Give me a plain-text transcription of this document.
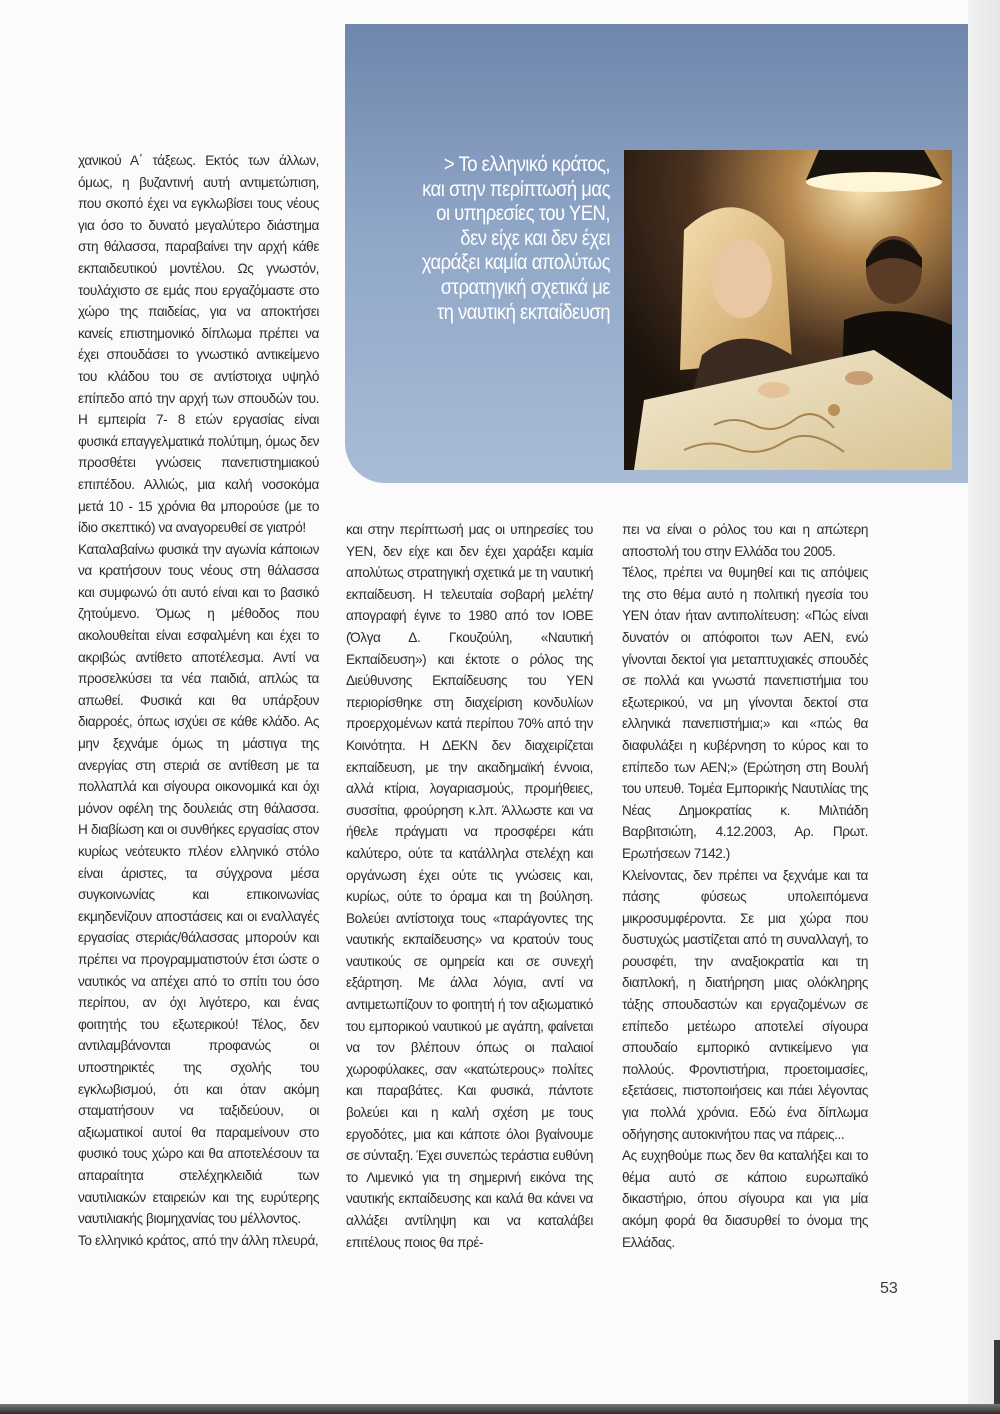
> Το ελληνικό κράτος,
και στην περίπτωσή μας
οι υπηρεσίες του ΥΕΝ,
δεν είχε και δεν έχει
χαράξει καμία απολύτως
στρατηγική σχετικά με
τη ναυτική εκπαίδευση

χανικού Α΄ τάξεως. Εκτός των άλλων, όμως, η βυζαντινή αυτή αντιμετώπιση, που σκοπό έχει να εγκλωβίσει τους νέους για όσο το δυνατό μεγαλύτερο διάστημα στη θάλασσα, παραβαίνει την αρχή κάθε εκπαιδευτικού μοντέλου. Ως γνωστόν, τουλάχιστο σε εμάς που εργαζόμαστε στο χώρο της παιδείας, για να αποκτήσει κανείς επιστημονικό δίπλωμα πρέπει να έχει σπουδάσει το γνωστικό αντικείμενο του κλάδου του σε αντίστοιχα υψηλό επίπεδο από την αρχή των σπουδών του. Η εμπειρία 7- 8 ετών εργασίας είναι φυσικά επαγγελματικά πολύτιμη, όμως δεν προσθέτει γνώσεις πανεπιστημιακού επιπέδου. Αλλιώς, μια καλή νοσοκόμα μετά 10 - 15 χρόνια θα μπορούσε (με το ίδιο σκεπτικό) να αναγορευθεί σε γιατρό!

Καταλαβαίνω φυσικά την αγωνία κάποιων να κρατήσουν τους νέους στη θάλασσα και συμφωνώ ότι αυτό είναι και το βασικό ζητούμενο. Όμως η μέθοδος που ακολουθείται είναι εσφαλμένη και έχει το ακριβώς αντίθετο αποτέλεσμα. Αντί να προσελκύσει τα νέα παιδιά, απλώς τα απωθεί. Φυσικά και θα υπάρξουν διαρροές, όπως ισχύει σε κάθε κλάδο. Ας μην ξεχνάμε όμως τη μάστιγα της ανεργίας στη στεριά σε αντίθεση με τα πολλαπλά και σίγουρα οικονομικά και όχι μόνον οφέλη της δουλειάς στη θάλασσα. Η διαβίωση και οι συνθήκες εργασίας στον κυρίως νεότευκτο πλέον ελληνικό στόλο είναι άριστες, τα σύγχρονα μέσα συγκοινωνίας και επικοινωνίας εκμηδενίζουν αποστάσεις και οι εναλλαγές εργασίας στεριάς/θάλασσας μπορούν και πρέπει να προγραμματιστούν έτσι ώστε ο ναυτικός να απέχει από το σπίτι του όσο περίπου, αν όχι λιγότερο, και ένας φοιτητής του εξωτερικού! Τέλος, δεν αντιλαμβάνονται προφανώς οι υποστηρικτές της σχολής του εγκλωβισμού, ότι και όταν ακόμη σταματήσουν να ταξιδεύουν, οι αξιωματικοί αυτοί θα παραμείνουν στο φυσικό τους χώρο και θα αποτελέσουν τα απαραίτητα στελέχηκλειδιά των ναυτιλιακών εταιρειών και της ευρύτερης ναυτιλιακής βιομηχανίας του μέλλοντος.

Το ελληνικό κράτος, από την άλλη πλευρά,

και στην περίπτωσή μας οι υπηρεσίες του ΥΕΝ, δεν είχε και δεν έχει χαράξει καμία απολύτως στρατηγική σχετικά με τη ναυτική εκπαίδευση. Η τελευταία σοβαρή μελέτη/απογραφή έγινε το 1980 από τον ΙΟΒΕ (Όλγα Δ. Γκουζούλη, «Ναυτική Εκπαίδευση») και έκτοτε ο ρόλος της Διεύθυνσης Εκπαίδευσης του ΥΕΝ περιορίσθηκε στη διαχείριση κονδυλίων προερχομένων κατά περίπου 70% από την Κοινότητα. Η ΔΕΚΝ δεν διαχειρίζεται εκπαίδευση, με την ακαδημαϊκή έννοια, αλλά κτίρια, λογαριασμούς, προμήθειες, συσσίτια, φρούρηση κ.λπ. Άλλωστε και να ήθελε πράγματι να προσφέρει κάτι καλύτερο, ούτε τα κατάλληλα στελέχη και οργάνωση έχει ούτε τις γνώσεις και, κυρίως, ούτε το όραμα και τη βούληση. Βολεύει αντίστοιχα τους «παράγοντες της ναυτικής εκπαίδευσης» να κρατούν τους ναυτικούς σε ομηρεία και σε συνεχή εξάρτηση. Με άλλα λόγια, αντί να αντιμετωπίζουν το φοιτητή ή τον αξιωματικό του εμπορικού ναυτικού με αγάπη, φαίνεται να τον βλέπουν όπως οι παλαιοί χωροφύλακες, σαν «κατώτερους» πολίτες και παραβάτες. Και φυσικά, πάντοτε βολεύει και η καλή σχέση με τους εργοδότες, μια και κάποτε όλοι βγαίνουμε σε σύνταξη. Έχει συνεπώς τεράστια ευθύνη το Λιμενικό για τη σημερινή εικόνα της ναυτικής εκπαίδευσης και καλά θα κάνει να αλλάξει αντίληψη και να καταλάβει επιτέλους ποιος θα πρέ-

πει να είναι ο ρόλος του και η απώτερη αποστολή του στην Ελλάδα του 2005.

Τέλος, πρέπει να θυμηθεί και τις απόψεις της στο θέμα αυτό η πολιτική ηγεσία του ΥΕΝ όταν ήταν αντιπολίτευση: «Πώς είναι δυνατόν οι απόφοιτοι των ΑΕΝ, ενώ γίνονται δεκτοί για μεταπτυχιακές σπουδές σε πολλά και γνωστά πανεπιστήμια του εξωτερικού, να μη γίνονται δεκτοί στα ελληνικά πανεπιστήμια;» και «πώς θα διαφυλάξει η κυβέρνηση το κύρος και το επίπεδο των ΑΕΝ;» (Ερώτηση στη Βουλή του υπευθ. Τομέα Εμπορικής Ναυτιλίας της Νέας Δημοκρατίας κ. Μιλτιάδη Βαρβιτσιώτη, 4.12.2003, Αρ. Πρωτ. Ερωτήσεων 7142.)

Κλείνοντας, δεν πρέπει να ξεχνάμε και τα πάσης φύσεως υπολειπόμενα μικροσυμφέροντα. Σε μια χώρα που δυστυχώς μαστίζεται από τη συναλλαγή, το ρουσφέτι, την αναξιοκρατία και τη διαπλοκή, η διατήρηση μιας ολόκληρης τάξης σπουδαστών και εργαζομένων σε επίπεδο μετέωρο αποτελεί σίγουρα σπουδαίο εμπορικό αντικείμενο για πολλούς. Φροντιστήρια, προετοιμασίες, εξετάσεις, πιστοποιήσεις και πάει λέγοντας για πολλά χρόνια. Εδώ ένα δίπλωμα οδήγησης αυτοκινήτου πας να πάρεις...

Ας ευχηθούμε πως δεν θα καταλήξει και το θέμα αυτό σε κάποιο ευρωπαϊκό δικαστήριο, όπου σίγουρα και για μία ακόμη φορά θα διασυρθεί το όνομα της Ελλάδας.

53
